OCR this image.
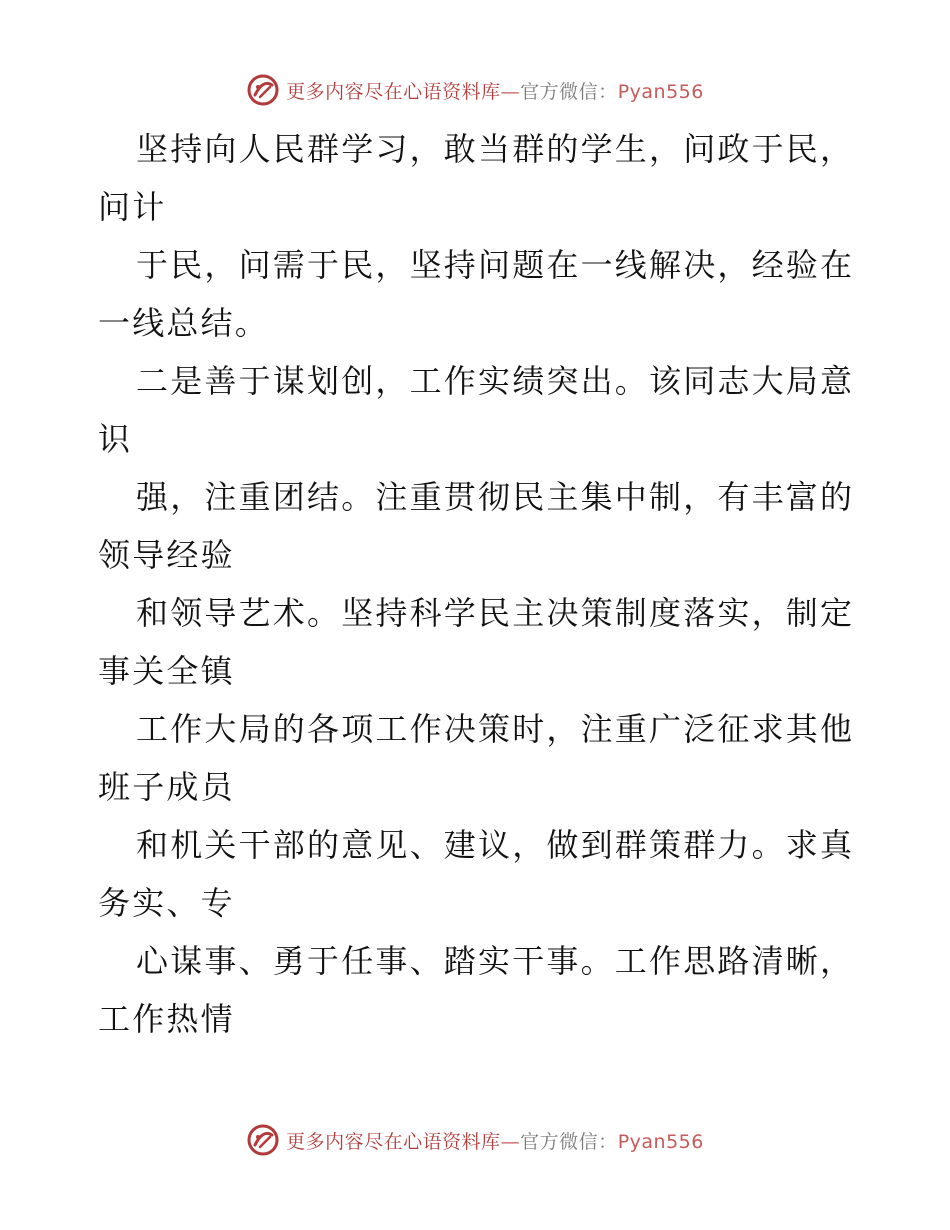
更多内容尽在心语资料库—官方微信：Pyan556
坚持向人民群学习，敢当群的学生，问政于民，
问计
于民，问需于民，坚持问题在一线解决，经验在
一线总结。
二是善于谋划创，工作实绩突出。该同志大局意
识
强，注重团结。注重贯彻民主集中制，有丰富的
领导经验
和领导艺术。坚持科学民主决策制度落实，制定
事关全镇
工作大局的各项工作决策时，注重广泛征求其他
班子成员
和机关干部的意见、建议，做到群策群力。求真
务实、专
心谋事、勇于任事、踏实干事。工作思路清晰，
工作热情
更多内容尽在心语资料库—官方微信：Pyan556
